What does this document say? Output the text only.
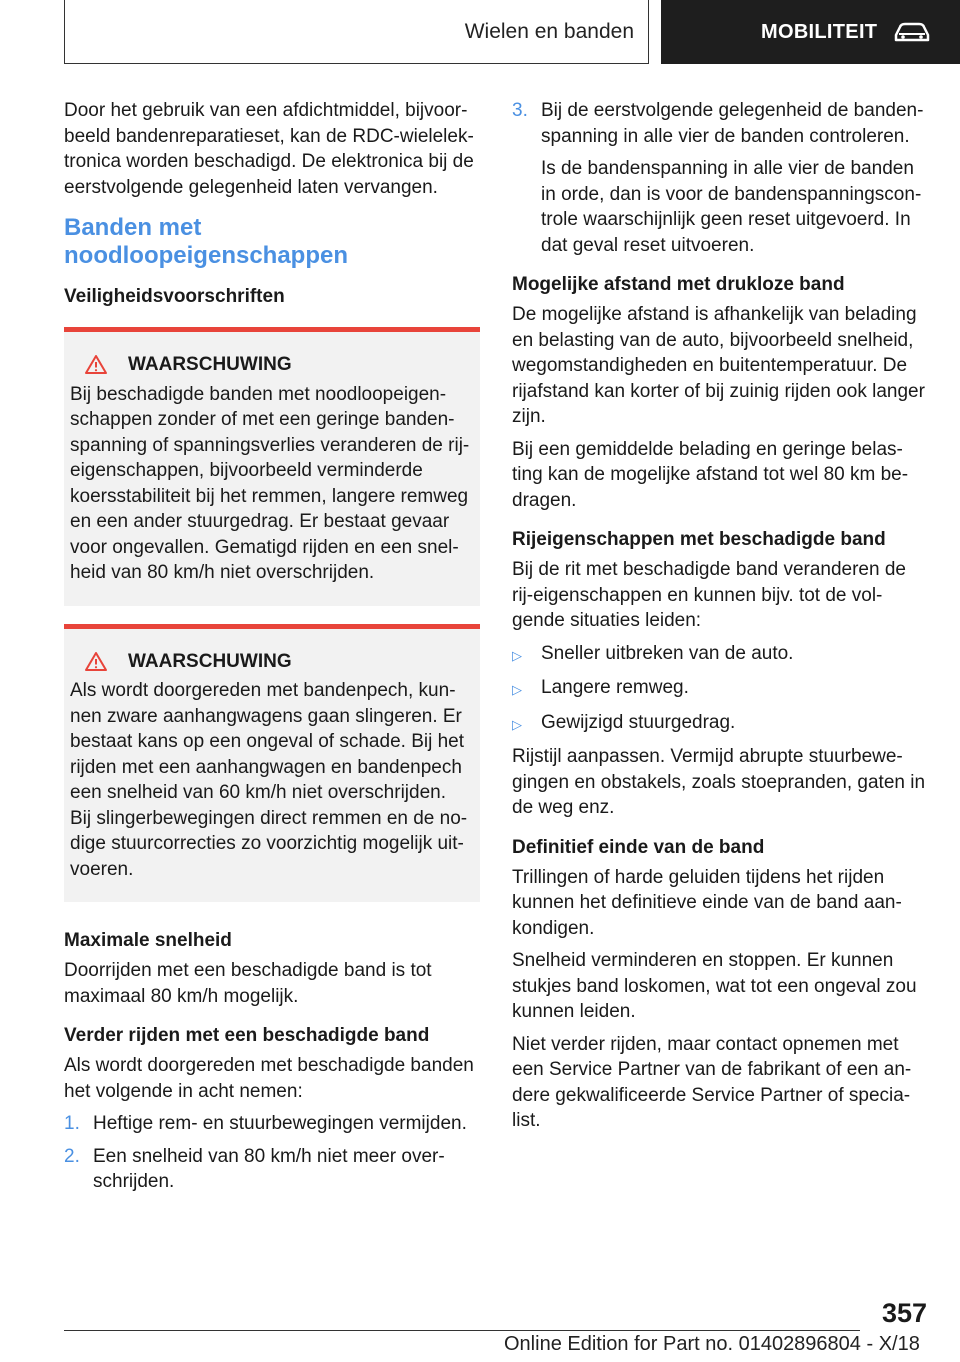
Wielen en banden	MOBILITEIT

Door het gebruik van een afdichtmiddel, bijvoor-beeld bandenreparatieset, kan de RDC-wielelek-tronica worden beschadigd. De elektronica bij de eerstvolgende gelegenheid laten vervangen.

Banden met noodloopeigenschappen
Veiligheidsvoorschriften
WAARSCHUWING

Bij beschadigde banden met noodloopeigen-schappen zonder of met een geringe banden-spanning of spanningsverlies veranderen de rij-eigenschappen, bijvoorbeeld verminderde koersstabiliteit bij het remmen, langere remweg en een ander stuurgedrag. Er bestaat gevaar voor ongevallen. Gematigd rijden en een snel-heid van 80 km/h niet overschrijden.

WAARSCHUWING

Als wordt doorgereden met bandenpech, kun-nen zware aanhangwagens gaan slingeren. Er bestaat kans op een ongeval of schade. Bij het rijden met een aanhangwagen en bandenpech een snelheid van 60 km/h niet overschrijden. Bij slingerbewegingen direct remmen en de no-dige stuurcorrecties zo voorzichtig mogelijk uit-voeren.

Maximale snelheid

Doorrijden met een beschadigde band is tot maximaal 80 km/h mogelijk.

Verder rijden met een beschadigde band

Als wordt doorgereden met beschadigde banden het volgende in acht nemen:

1. Heftige rem- en stuurbewegingen vermijden.
2. Een snelheid van 80 km/h niet meer over-schrijden.
3. Bij de eerstvolgende gelegenheid de banden-spanning in alle vier de banden controleren.

Is de bandenspanning in alle vier de banden in orde, dan is voor de bandenspanningscon-trole waarschijnlijk geen reset uitgevoerd. In dat geval reset uitvoeren.

Mogelijke afstand met drukloze band

De mogelijke afstand is afhankelijk van belading en belasting van de auto, bijvoorbeeld snelheid, wegomstandigheden en buitentemperatuur. De rijafstand kan korter of bij zuinig rijden ook langer zijn.

Bij een gemiddelde belading en geringe belas-ting kan de mogelijke afstand tot wel 80 km be-dragen.

Rijeigenschappen met beschadigde band

Bij de rit met beschadigde band veranderen de rij-eigenschappen en kunnen bijv. tot de vol-gende situaties leiden:

▷	Sneller uitbreken van de auto.
▷	Langere remweg.
▷	Gewijzigd stuurgedrag.

Rijstijl aanpassen. Vermijd abrupte stuurbewe-gingen en obstakels, zoals stoepranden, gaten in de weg enz.

Definitief einde van de band

Trillingen of harde geluiden tijdens het rijden kunnen het definitieve einde van de band aan-kondigen.

Snelheid verminderen en stoppen. Er kunnen stukjes band loskomen, wat tot een ongeval zou kunnen leiden.

Niet verder rijden, maar contact opnemen met een Service Partner van de fabrikant of een an-dere gekwalificeerde Service Partner of specia-list.

357
Online Edition for Part no. 01402896804 - X/18
